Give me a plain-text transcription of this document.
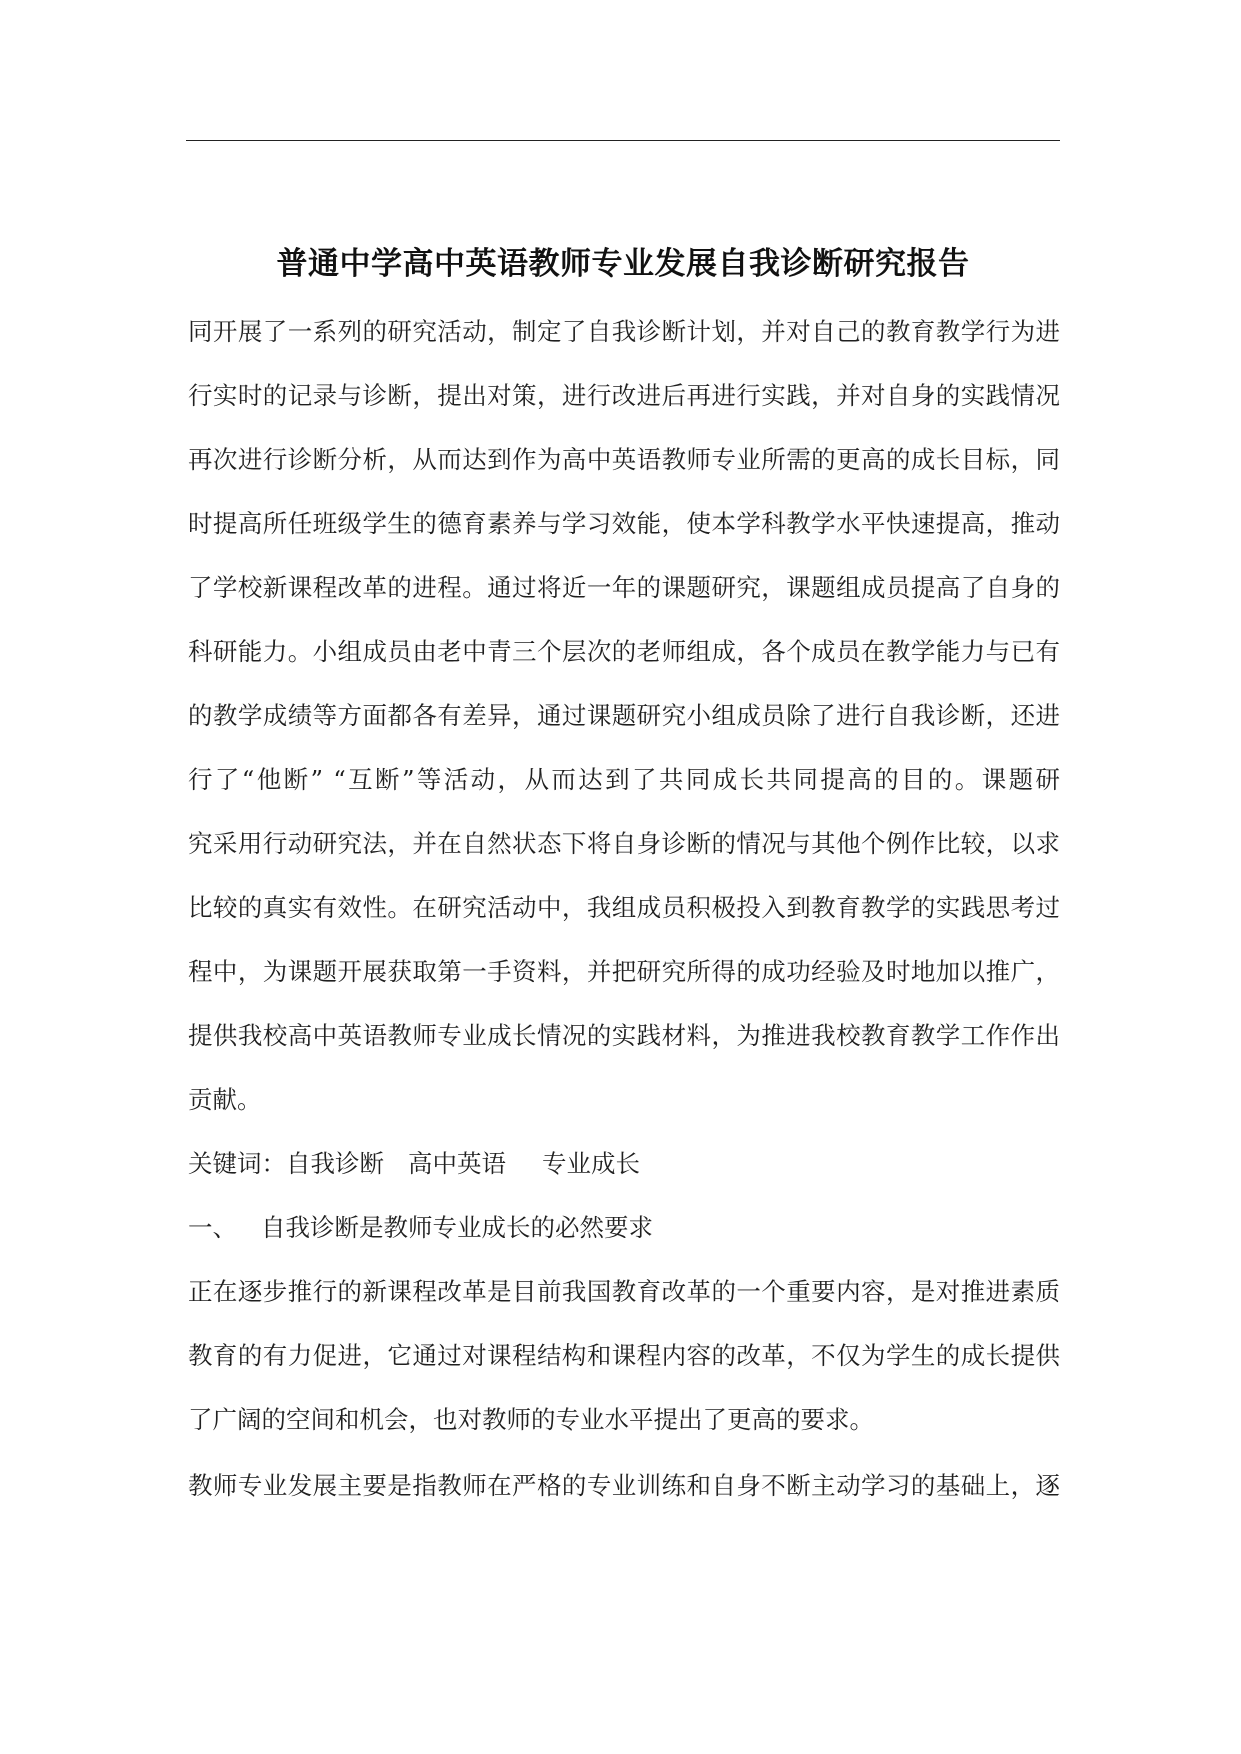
普通中学高中英语教师专业发展自我诊断研究报告
同开展了一系列的研究活动，制定了自我诊断计划，并对自己的教育教学行为进
行实时的记录与诊断，提出对策，进行改进后再进行实践，并对自身的实践情况
再次进行诊断分析，从而达到作为高中英语教师专业所需的更高的成长目标，同
时提高所任班级学生的德育素养与学习效能，使本学科教学水平快速提高，推动
了学校新课程改革的进程。通过将近一年的课题研究，课题组成员提高了自身的
科研能力。小组成员由老中青三个层次的老师组成，各个成员在教学能力与已有
的教学成绩等方面都各有差异，通过课题研究小组成员除了进行自我诊断，还进
行了“他断” “互断”等活动，从而达到了共同成长共同提高的目的。课题研
究采用行动研究法，并在自然状态下将自身诊断的情况与其他个例作比较，以求
比较的真实有效性。在研究活动中，我组成员积极投入到教育教学的实践思考过
程中，为课题开展获取第一手资料，并把研究所得的成功经验及时地加以推广，
提供我校高中英语教师专业成长情况的实践材料，为推进我校教育教学工作作出
贡献。
关键词：自我诊断 高中英语 专业成长
一、 自我诊断是教师专业成长的必然要求
正在逐步推行的新课程改革是目前我国教育改革的一个重要内容，是对推进素质
教育的有力促进，它通过对课程结构和课程内容的改革，不仅为学生的成长提供
了广阔的空间和机会，也对教师的专业水平提出了更高的要求。
教师专业发展主要是指教师在严格的专业训练和自身不断主动学习的基础上，逐
